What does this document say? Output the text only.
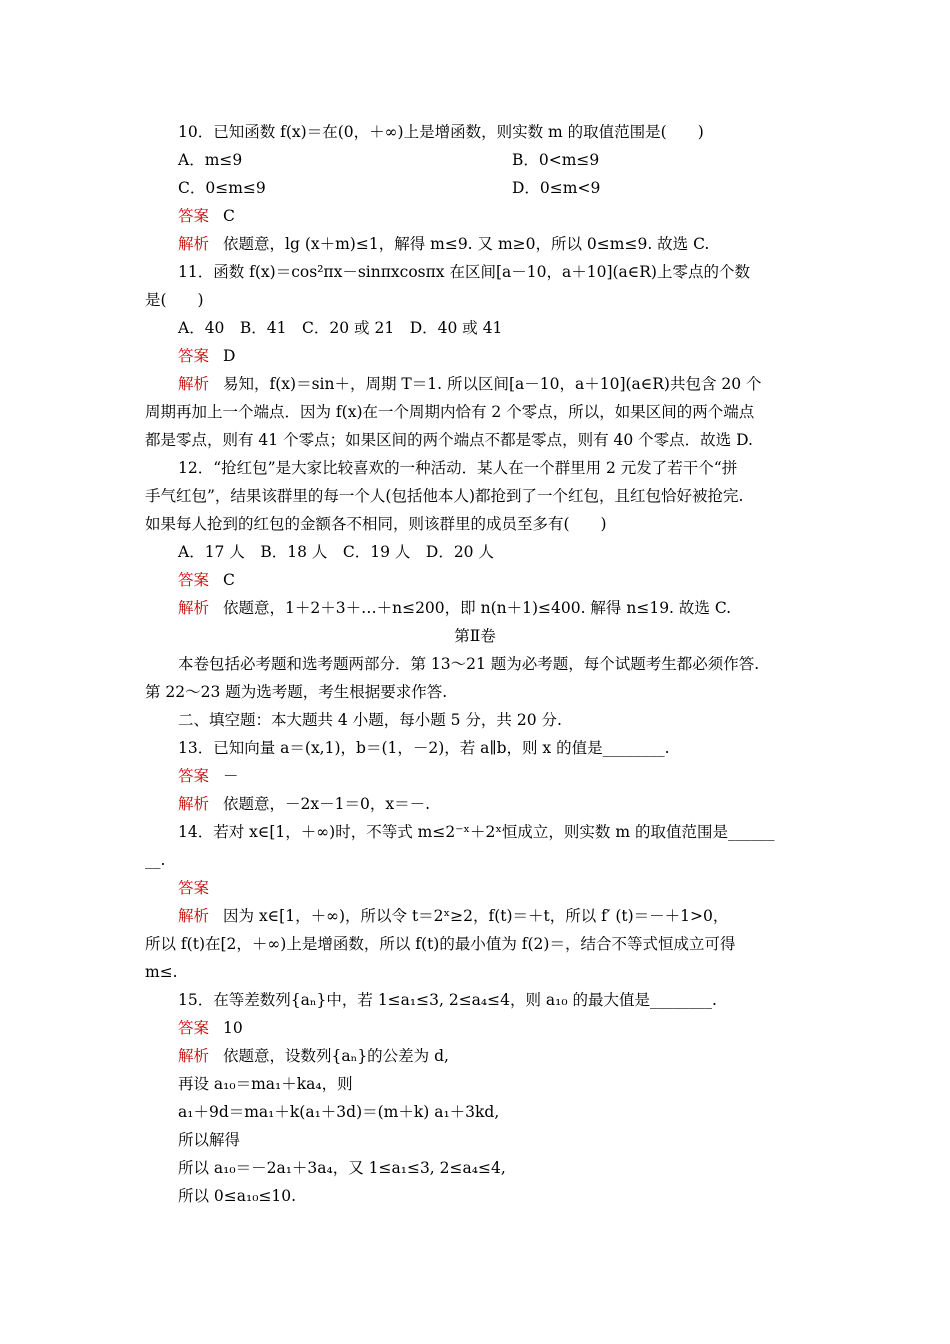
10．已知函数 f(x)＝在(0，＋∞)上是增函数，则实数 m 的取值范围是(　　)
A．m≤9	B．0<m≤9
C．0≤m≤9	D．0≤m<9
答案 C
解析 依题意，lg (x＋m)≤1，解得 m≤9. 又 m≥0，所以 0≤m≤9. 故选 C.
11．函数 f(x)＝cos²πx－sinπxcosπx 在区间[a－10，a＋10](a∈R)上零点的个数
是(　　)
A．40　B．41　C．20 或 21　D．40 或 41
答案 D
解析 易知，f(x)＝sin＋，周期 T＝1. 所以区间[a－10，a＋10](a∈R)共包含 20 个
周期再加上一个端点．因为 f(x)在一个周期内恰有 2 个零点，所以，如果区间的两个端点
都是零点，则有 41 个零点；如果区间的两个端点不都是零点，则有 40 个零点．故选 D.
12．“抢红包”是大家比较喜欢的一种活动．某人在一个群里用 2 元发了若干个“拼
手气红包”，结果该群里的每一个人(包括他本人)都抢到了一个红包，且红包恰好被抢完.
如果每人抢到的红包的金额各不相同，则该群里的成员至多有(　　)
A．17 人　B．18 人　C．19 人　D．20 人
答案 C
解析 依题意，1＋2＋3＋…＋n≤200，即 n(n＋1)≤400. 解得 n≤19. 故选 C.
第Ⅱ卷
本卷包括必考题和选考题两部分．第 13～21 题为必考题，每个试题考生都必须作答.
第 22～23 题为选考题，考生根据要求作答.
二、填空题：本大题共 4 小题，每小题 5 分，共 20 分.
13．已知向量 a＝(x,1)，b＝(1，－2)，若 a∥b，则 x 的值是________.
答案 －
解析 依题意，－2x－1＝0，x＝－.
14．若对 x∈[1，＋∞)时，不等式 m≤2⁻ˣ＋2ˣ恒成立，则实数 m 的取值范围是______
__.
答案
解析 因为 x∈[1，＋∞)，所以令 t＝2ˣ≥2，f(t)＝＋t，所以 f′ (t)＝－＋1>0，
所以 f(t)在[2，＋∞)上是增函数，所以 f(t)的最小值为 f(2)＝，结合不等式恒成立可得
m≤.
15．在等差数列{aₙ}中，若 1≤a₁≤3, 2≤a₄≤4，则 a₁₀ 的最大值是________.
答案 10
解析 依题意，设数列{aₙ}的公差为 d,
再设 a₁₀＝ma₁＋ka₄，则
a₁＋9d＝ma₁＋k(a₁＋3d)＝(m＋k) a₁＋3kd,
所以解得
所以 a₁₀＝－2a₁＋3a₄，又 1≤a₁≤3, 2≤a₄≤4,
所以 0≤a₁₀≤10.
